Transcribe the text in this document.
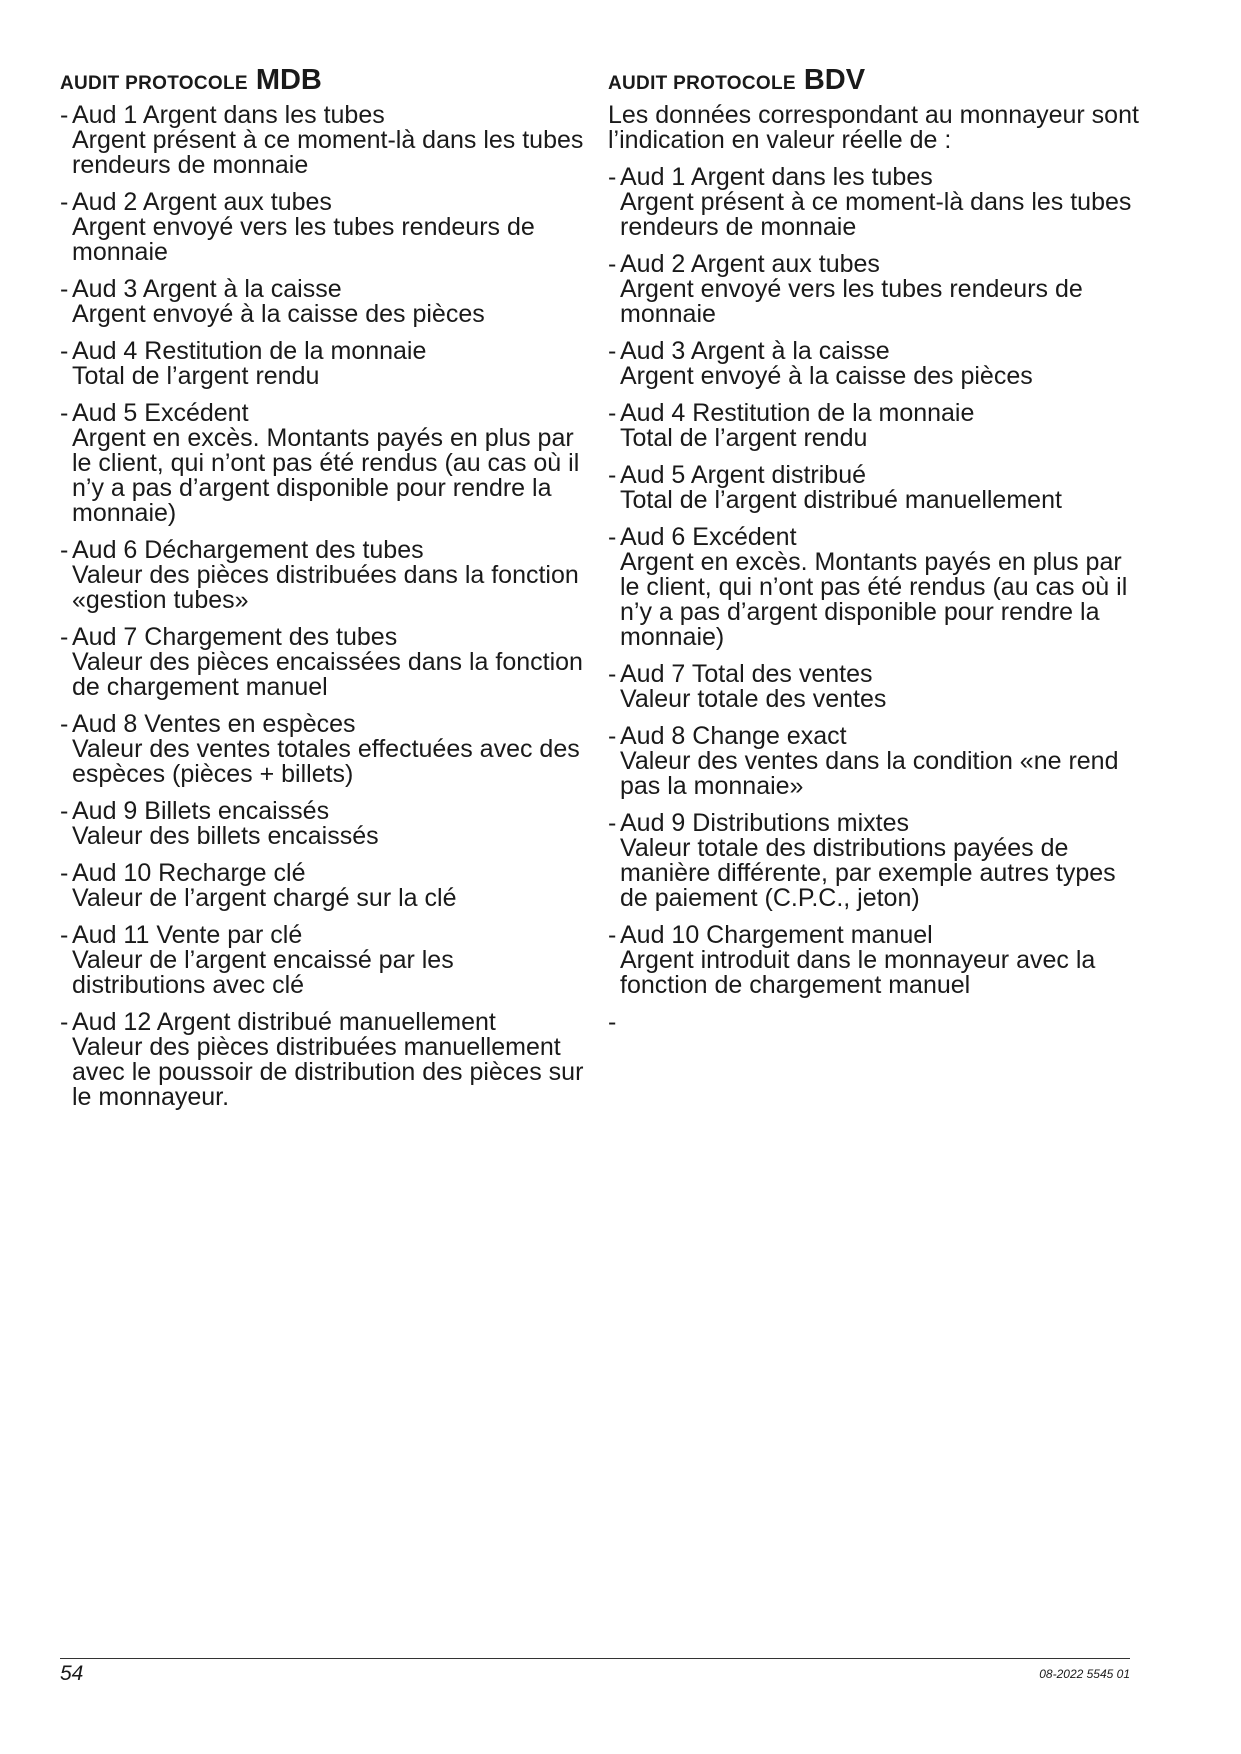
AUDIT PROTOCOLE MDB
- Aud 1 Argent dans les tubes
Argent présent à ce moment-là dans les tubes rendeurs de monnaie
- Aud 2 Argent aux tubes
Argent envoyé vers les tubes rendeurs de monnaie
- Aud 3 Argent à la caisse
Argent envoyé à la caisse des pièces
- Aud 4 Restitution de la monnaie
Total de l’argent rendu
- Aud 5 Excédent
Argent en excès. Montants payés en plus par le client, qui n’ont pas été rendus (au cas où il n’y a pas d’argent disponible pour rendre la monnaie)
- Aud 6 Déchargement des tubes
Valeur des pièces distribuées dans la fonction «gestion tubes»
- Aud 7 Chargement des tubes
Valeur des pièces encaissées dans la fonction de chargement manuel
- Aud 8 Ventes en espèces
Valeur des ventes totales effectuées avec des espèces (pièces + billets)
- Aud 9 Billets encaissés
Valeur des billets encaissés
- Aud 10 Recharge clé
Valeur de l’argent chargé sur la clé
- Aud 11 Vente par clé
Valeur de l’argent encaissé par les distributions avec clé
- Aud 12 Argent distribué manuellement
Valeur des pièces distribuées manuellement avec le poussoir de distribution des pièces sur le monnayeur.
AUDIT PROTOCOLE BDV
Les données correspondant au monnayeur sont l’indication en valeur réelle de :
- Aud 1 Argent dans les tubes
Argent présent à ce moment-là dans les tubes rendeurs de monnaie
- Aud 2 Argent aux tubes
Argent envoyé vers les tubes rendeurs de monnaie
- Aud 3 Argent à la caisse
Argent envoyé à la caisse des pièces
- Aud 4 Restitution de la monnaie
Total de l’argent rendu
- Aud 5 Argent distribué
Total de l’argent distribué manuellement
- Aud 6 Excédent
Argent en excès. Montants payés en plus par le client, qui n’ont pas été rendus (au cas où il n’y a pas d’argent disponible pour rendre la monnaie)
- Aud 7 Total des ventes
Valeur totale des ventes
- Aud 8 Change exact
Valeur des ventes dans la condition «ne rend pas la monnaie»
- Aud 9 Distributions mixtes
Valeur totale des distributions payées de manière différente, par exemple autres types de paiement (C.P.C., jeton)
- Aud 10 Chargement manuel
Argent introduit dans le monnayeur avec la fonction de chargement manuel
-
54	08-2022 5545 01
